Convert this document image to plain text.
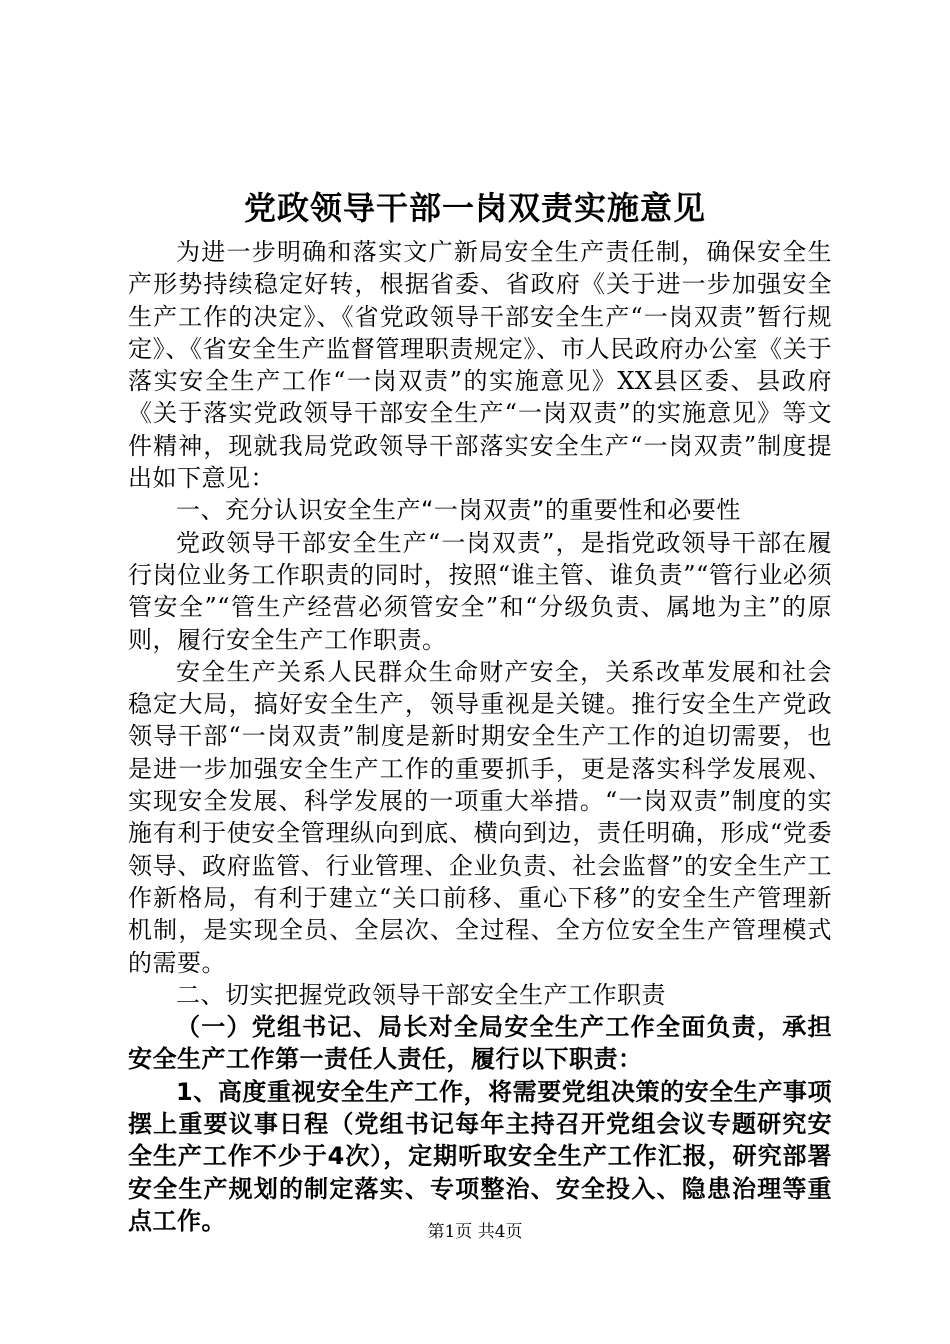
党政领导干部一岗双责实施意见

为进一步明确和落实文广新局安全生产责任制，确保安全生产形势持续稳定好转，根据省委、省政府《关于进一步加强安全生产工作的决定》、《省党政领导干部安全生产“一岗双责”暂行规定》、《省安全生产监督管理职责规定》、市人民政府办公室《关于落实安全生产工作“一岗双责”的实施意见》XX县区委、县政府《关于落实党政领导干部安全生产“一岗双责”的实施意见》等文件精神，现就我局党政领导干部落实安全生产“一岗双责”制度提出如下意见：

一、充分认识安全生产“一岗双责”的重要性和必要性

党政领导干部安全生产“一岗双责”，是指党政领导干部在履行岗位业务工作职责的同时，按照“谁主管、谁负责”“管行业必须管安全”“管生产经营必须管安全”和“分级负责、属地为主”的原则，履行安全生产工作职责。

安全生产关系人民群众生命财产安全，关系改革发展和社会稳定大局，搞好安全生产，领导重视是关键。推行安全生产党政领导干部“一岗双责”制度是新时期安全生产工作的迫切需要，也是进一步加强安全生产工作的重要抓手，更是落实科学发展观、实现安全发展、科学发展的一项重大举措。“一岗双责”制度的实施有利于使安全管理纵向到底、横向到边，责任明确，形成“党委领导、政府监管、行业管理、企业负责、社会监督”的安全生产工作新格局，有利于建立“关口前移、重心下移”的安全生产管理新机制，是实现全员、全层次、全过程、全方位安全生产管理模式的需要。

二、切实把握党政领导干部安全生产工作职责

（一）党组书记、局长对全局安全生产工作全面负责，承担安全生产工作第一责任人责任，履行以下职责：

1、高度重视安全生产工作，将需要党组决策的安全生产事项摆上重要议事日程（党组书记每年主持召开党组会议专题研究安全生产工作不少于4次），定期听取安全生产工作汇报，研究部署安全生产规划的制定落实、专项整治、安全投入、隐患治理等重点工作。	第1页 共4页
